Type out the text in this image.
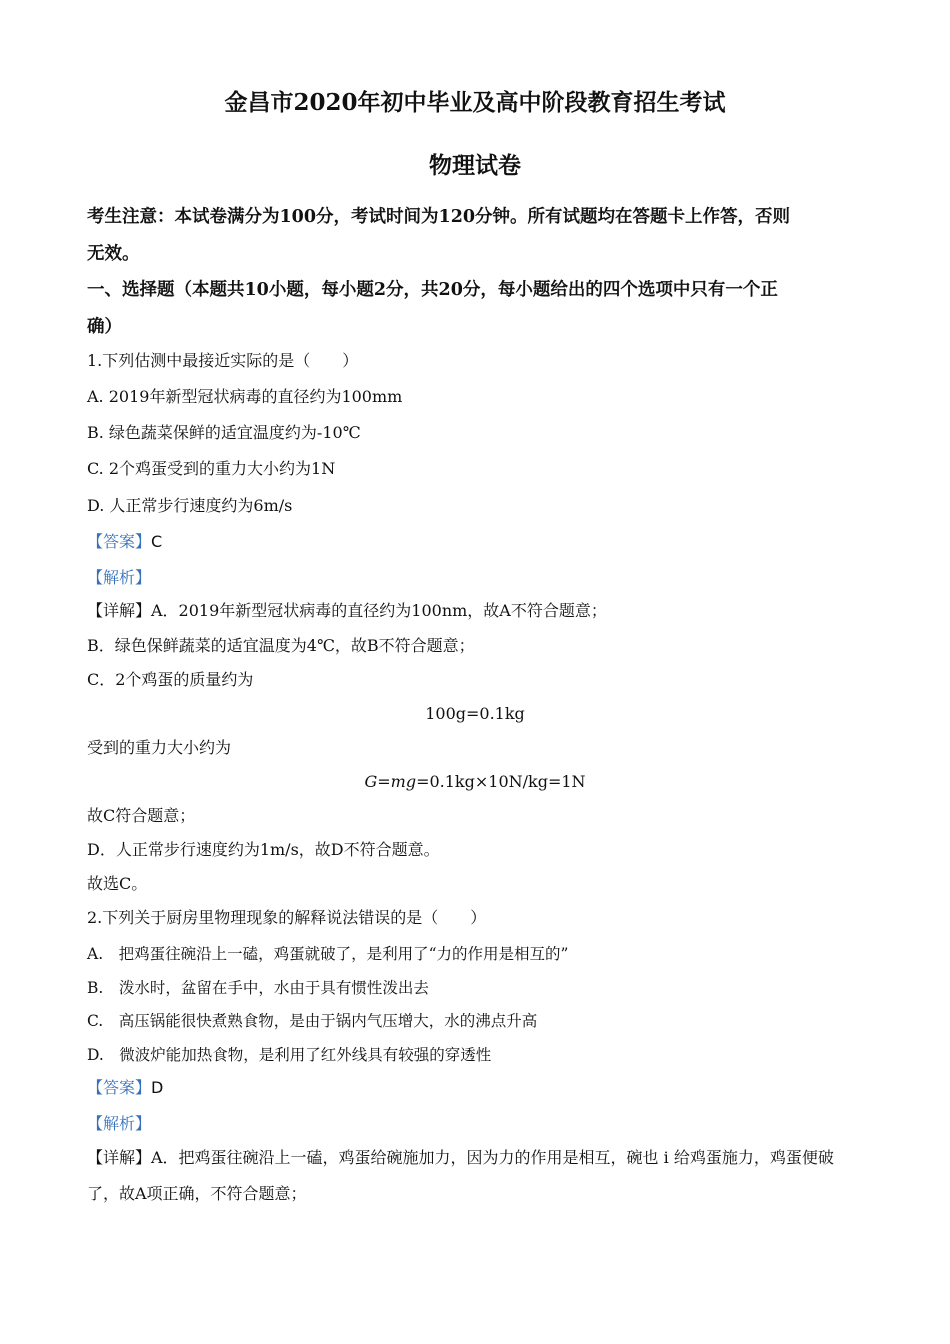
金昌市2020年初中毕业及高中阶段教育招生考试
物理试卷
考生注意：本试卷满分为100分，考试时间为120分钟。所有试题均在答题卡上作答，否则
无效。
一、选择题（本题共10小题，每小题2分，共20分，每小题给出的四个选项中只有一个正
确）
1.下列估测中最接近实际的是（　　）
A. 2019年新型冠状病毒的直径约为100mm
B. 绿色蔬菜保鲜的适宜温度约为-10℃
C. 2个鸡蛋受到的重力大小约为1N
D. 人正常步行速度约为6m/s
【答案】C
【解析】
【详解】A．2019年新型冠状病毒的直径约为100nm，故A不符合题意；
B．绿色保鲜蔬菜的适宜温度为4℃，故B不符合题意；
C．2个鸡蛋的质量约为
100g=0.1kg
受到的重力大小约为
G=mg=0.1kg×10N/kg=1N
故C符合题意；
D．人正常步行速度约为1m/s，故D不符合题意。
故选C。
2.下列关于厨房里物理现象的解释说法错误的是（　　）
A.　把鸡蛋往碗沿上一磕，鸡蛋就破了，是利用了“力的作用是相互的”
B.　泼水时，盆留在手中，水由于具有惯性泼出去
C.　高压锅能很快煮熟食物，是由于锅内气压增大，水的沸点升高
D.　微波炉能加热食物，是利用了红外线具有较强的穿透性
【答案】D
【解析】
【详解】A．把鸡蛋往碗沿上一磕，鸡蛋给碗施加力，因为力的作用是相互，碗也 i 给鸡蛋施力，鸡蛋便破
了，故A项正确，不符合题意；
